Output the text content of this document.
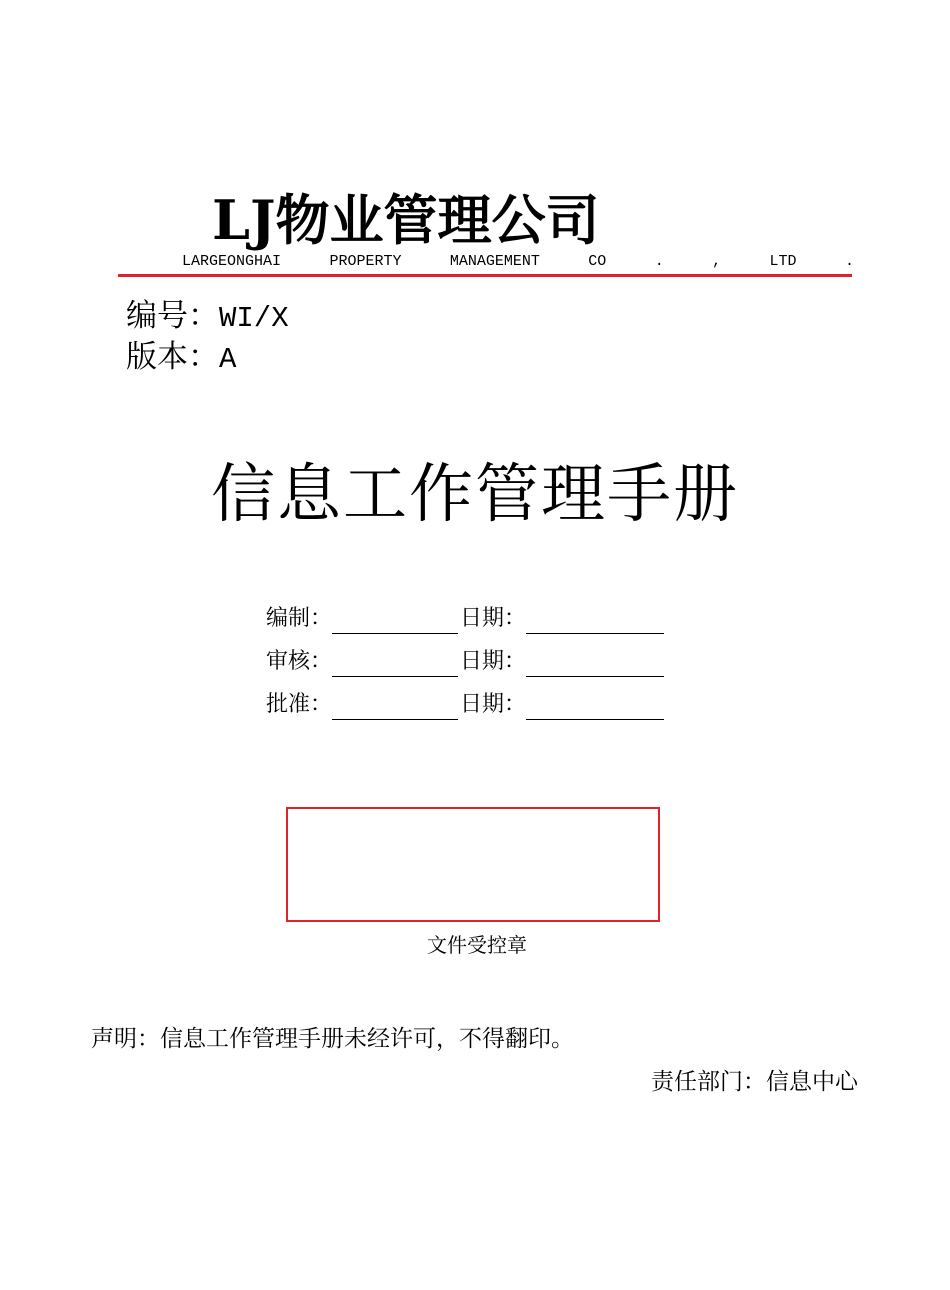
LJ物业管理公司
LARGEONGHAI	PROPERTY	MANAGEMENT	CO	.	,	LTD	.
编号：WI/X
版本：A
信息工作管理手册
编制：	日期：
审核：	日期：
批准：	日期：
文件受控章
声明：信息工作管理手册未经许可，不得翻印。
责任部门：信息中心
